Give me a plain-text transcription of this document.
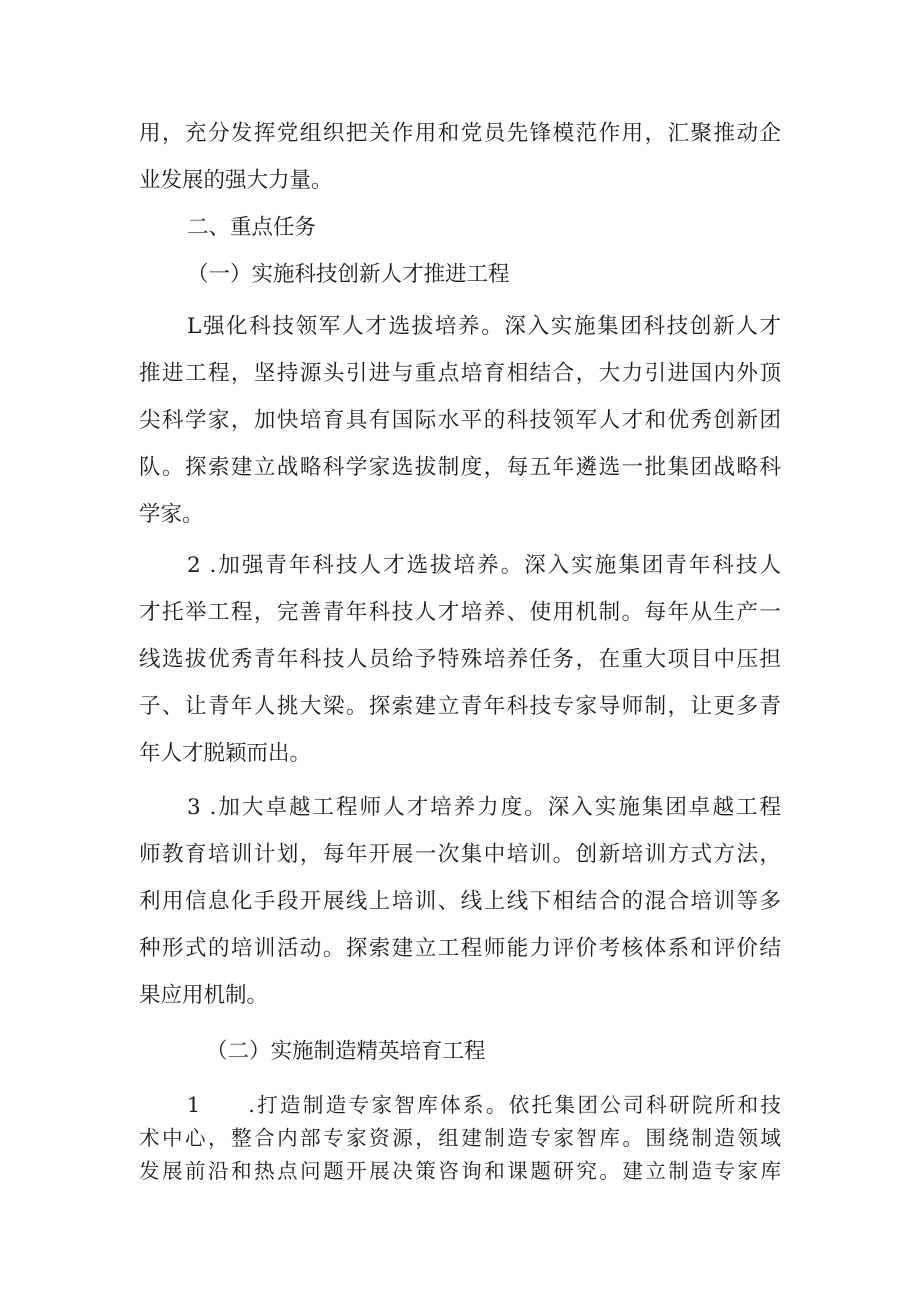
用，充分发挥党组织把关作用和党员先锋模范作用，汇聚推动企
业发展的强大力量。
二、重点任务
（一）实施科技创新人才推进工程
L强化科技领军人才选拔培养。深入实施集团科技创新人才
推进工程，坚持源头引进与重点培育相结合，大力引进国内外顶
尖科学家，加快培育具有国际水平的科技领军人才和优秀创新团
队。探索建立战略科学家选拔制度，每五年遴选一批集团战略科
学家。
2 .加强青年科技人才选拔培养。深入实施集团青年科技人
才托举工程，完善青年科技人才培养、使用机制。每年从生产一
线选拔优秀青年科技人员给予特殊培养任务，在重大项目中压担
子、让青年人挑大梁。探索建立青年科技专家导师制，让更多青
年人才脱颖而出。
3 .加大卓越工程师人才培养力度。深入实施集团卓越工程
师教育培训计划，每年开展一次集中培训。创新培训方式方法，
利用信息化手段开展线上培训、线上线下相结合的混合培训等多
种形式的培训活动。探索建立工程师能力评价考核体系和评价结
果应用机制。
（二）实施制造精英培育工程
1　　.打造制造专家智库体系。依托集团公司科研院所和技
术中心，整合内部专家资源，组建制造专家智库。围绕制造领域
发展前沿和热点问题开展决策咨询和课题研究。建立制造专家库
